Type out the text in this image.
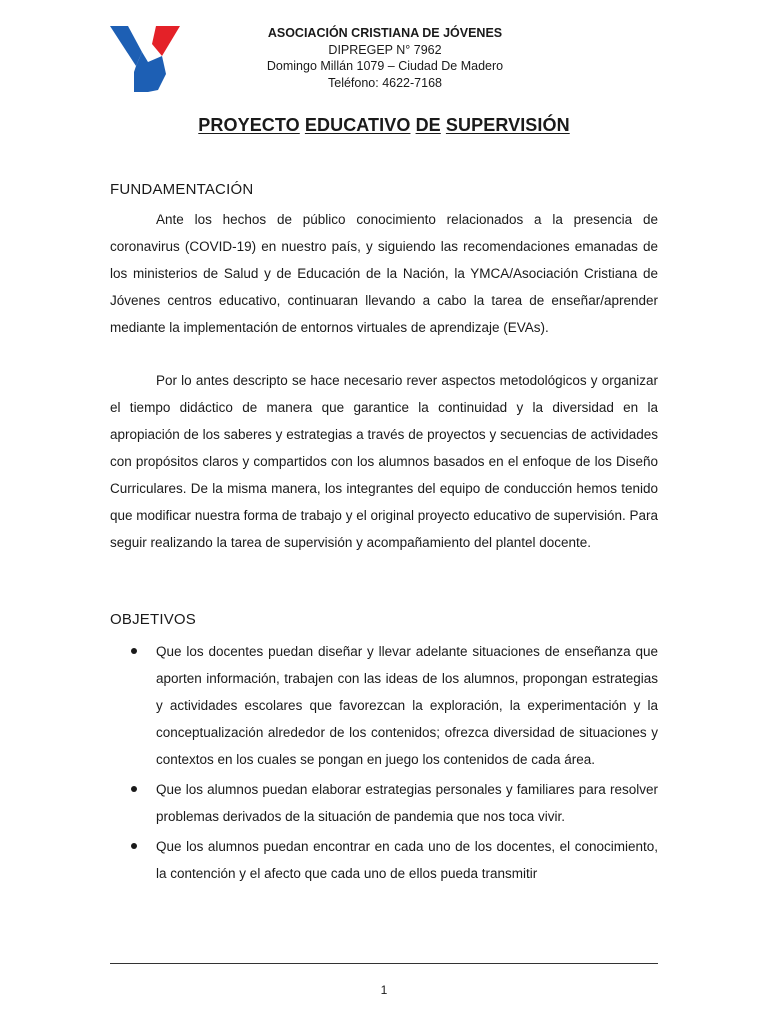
ASOCIACIÓN CRISTIANA DE JÓVENES
DIPREGEP N° 7962
Domingo Millán 1079 – Ciudad De Madero
Teléfono: 4622-7168
PROYECTO EDUCATIVO DE SUPERVISIÓN
FUNDAMENTACIÓN

Ante los hechos de público conocimiento relacionados a la presencia de coronavirus (COVID-19) en nuestro país, y siguiendo las recomendaciones emanadas de los ministerios de Salud y de Educación de la Nación, la YMCA/Asociación Cristiana de Jóvenes centros educativo, continuaran llevando a cabo la tarea de enseñar/aprender mediante la implementación de entornos virtuales de aprendizaje (EVAs).

Por lo antes descripto se hace necesario rever aspectos metodológicos y organizar el tiempo didáctico de manera que garantice la continuidad y la diversidad en la apropiación de los saberes y estrategias a través de proyectos y secuencias de actividades con propósitos claros y compartidos con los alumnos basados en el enfoque de los Diseño Curriculares. De la misma manera, los integrantes del equipo de conducción hemos tenido que modificar nuestra forma de trabajo y el original proyecto educativo de supervisión. Para seguir realizando la tarea de supervisión y acompañamiento del plantel docente.

OBJETIVOS
Que los docentes puedan diseñar y llevar adelante situaciones de enseñanza que aporten información, trabajen con las ideas de los alumnos, propongan estrategias y actividades escolares que favorezcan la exploración, la experimentación y la conceptualización alrededor de los contenidos; ofrezca diversidad de situaciones y contextos en los cuales se pongan en juego los contenidos de cada área.
Que los alumnos puedan elaborar estrategias personales y familiares para resolver problemas derivados de la situación de pandemia que nos toca vivir.
Que los alumnos puedan encontrar en cada uno de los docentes, el conocimiento, la contención y el afecto que cada uno de ellos pueda transmitir
1
